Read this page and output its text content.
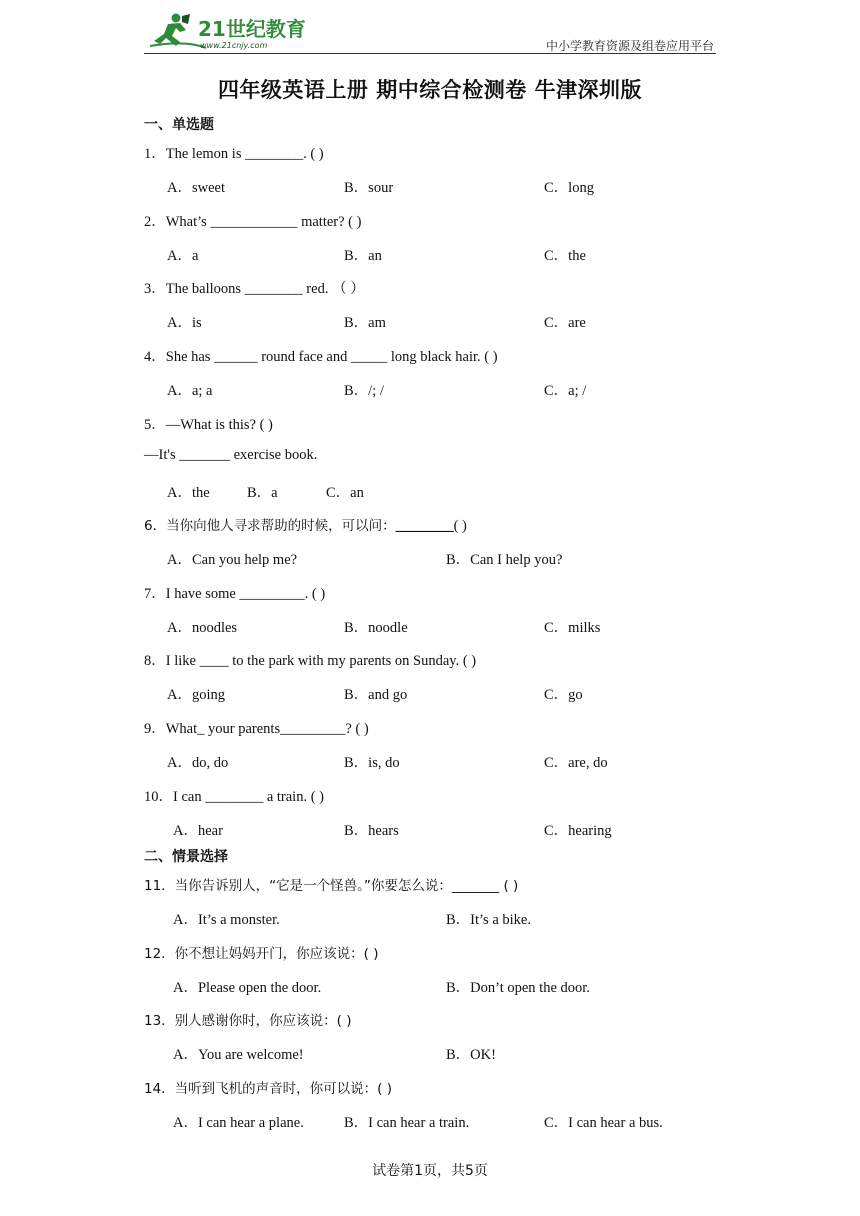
21世纪教育
www.21cnjy.com	中小学教育资源及组卷应用平台
四年级英语上册 期中综合检测卷 牛津深圳版
一、单选题
1．The lemon is ________. ( )
A．sweet	B．sour	C．long
2．What’s ____________ matter? ( )
A．a	B．an	C．the
3．The balloons ________ red. （ ）
A．is	B．am	C．are
4．She has ______ round face and _____ long black hair. ( )
A．a; a	B．/; /	C．a; /
5．—What is this? ( )
—It's _______ exercise book.
A．the	B．a	C．an
6．当你向他人寻求帮助的时候，可以问：________( )
A．Can you help me?	B．Can I help you?
7．I have some _________. ( )
A．noodles	B．noodle	C．milks
8．I like ____ to the park with my parents on Sunday. ( )
A．going	B．and go	C．go
9．What_ your parents_________? ( )
A．do, do	B．is, do	C．are, do
10．I can ________ a train. ( )
A．hear	B．hears	C．hearing
二、情景选择
11．当你告诉别人，“它是一个怪兽。”你要怎么说：_______ ( )
A．It’s a monster.	B．It’s a bike.
12．你不想让妈妈开门，你应该说：( )
A．Please open the door.	B．Don’t open the door.
13．别人感谢你时，你应该说：( )
A．You are welcome!	B．OK!
14．当听到飞机的声音时，你可以说：( )
A．I can hear a plane.	B．I can hear a train.	C．I can hear a bus.
试卷第1页，共5页
